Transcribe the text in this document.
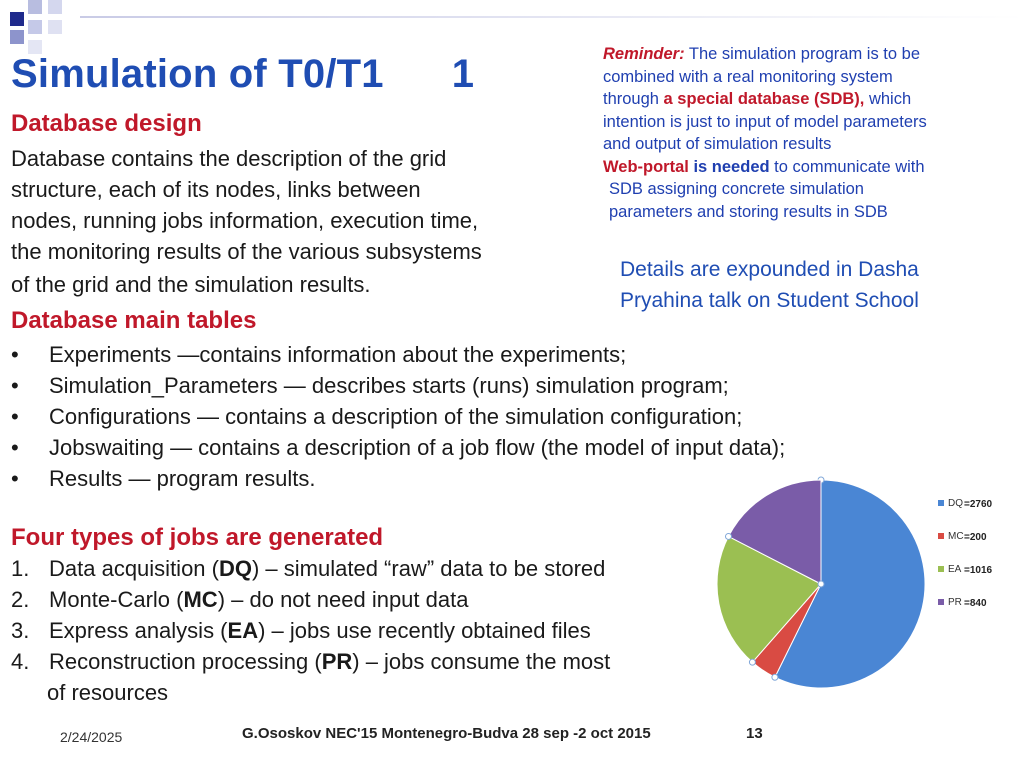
Simulation of T0/T1 1
Database design
Database contains the description of the grid
structure, each of its nodes, links between
nodes, running jobs information, execution time,
the monitoring results of the various subsystems
of the grid and the simulation results.
Reminder: The simulation program is to be
combined with a real monitoring system
through a special database (SDB), which
intention is just to input of model parameters
and output of simulation results
Web-portal is needed to communicate with
SDB assigning concrete simulation
parameters and storing results in SDB
Details are expounded in Dasha
Pryahina talk on Student School
Database main tables
• Experiments —contains information about the experiments;
• Simulation_Parameters — describes starts (runs) simulation program;
• Configurations — contains a description of the simulation configuration;
• Jobswaiting — contains a description of a job flow (the model of input data);
• Results — program results.
Four types of jobs are generated
1. Data acquisition (DQ) – simulated “raw” data to be stored
2. Monte-Carlo (MC) – do not need input data
3. Express analysis (EA) – jobs use recently obtained files
4. Reconstruction processing (PR) – jobs consume the most
of resources
DQ =2760
MC =200
EA =1016
PR =840
2/24/2025	G.Ososkov NEC'15 Montenegro-Budva 28 sep -2 oct 2015	13
